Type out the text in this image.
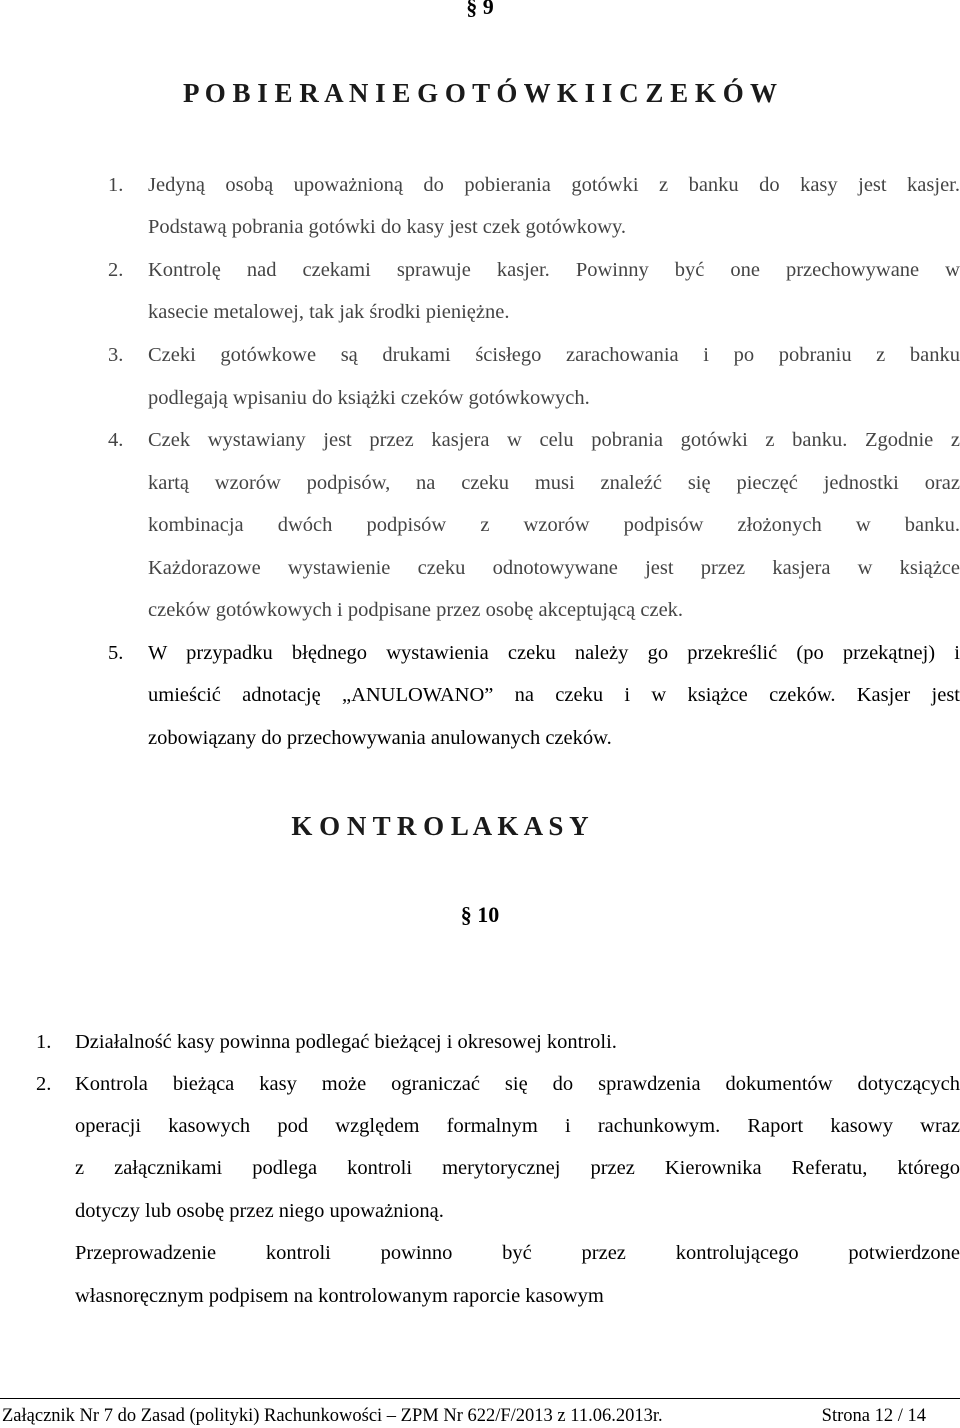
§ 9
P O B I E R A N I E G O T Ó W K I I C Z E K Ó W
1.	Jedyną osobą upoważnioną do pobierania gotówki z banku do kasy jest kasjer.
Podstawą pobrania gotówki do kasy jest czek gotówkowy.
2.	Kontrolę nad czekami sprawuje kasjer. Powinny być one przechowywane w
kasecie metalowej, tak jak środki pieniężne.
3.	Czeki gotówkowe są drukami ścisłego zarachowania i po pobraniu z banku
podlegają wpisaniu do książki czeków gotówkowych.
4.	Czek wystawiany jest przez kasjera w celu pobrania gotówki z banku. Zgodnie z
kartą wzorów podpisów, na czeku musi znaleźć się pieczęć jednostki oraz
kombinacja dwóch podpisów z wzorów podpisów złożonych w banku.
Każdorazowe wystawienie czeku odnotowywane jest przez kasjera w książce
czeków gotówkowych i podpisane przez osobę akceptującą czek.
5.	W przypadku błędnego wystawienia czeku należy go przekreślić (po przekątnej) i
umieścić adnotację „ANULOWANO” na czeku i w książce czeków. Kasjer jest
zobowiązany do przechowywania anulowanych czeków.
K O N T R O L A K A S Y
§ 10
1.	Działalność kasy powinna podlegać bieżącej i okresowej kontroli.
2.	Kontrola bieżąca kasy może ograniczać się do sprawdzenia dokumentów dotyczących
operacji kasowych pod względem formalnym i rachunkowym. Raport kasowy wraz
z załącznikami podlega kontroli merytorycznej przez Kierownika Referatu, którego
dotyczy lub osobę przez niego upoważnioną.
Przeprowadzenie kontroli powinno być przez kontrolującego potwierdzone
własnoręcznym podpisem na kontrolowanym raporcie kasowym
Załącznik Nr 7 do Zasad (polityki) Rachunkowości – ZPM Nr 622/F/2013 z 11.06.2013r.	Strona 12 / 14
